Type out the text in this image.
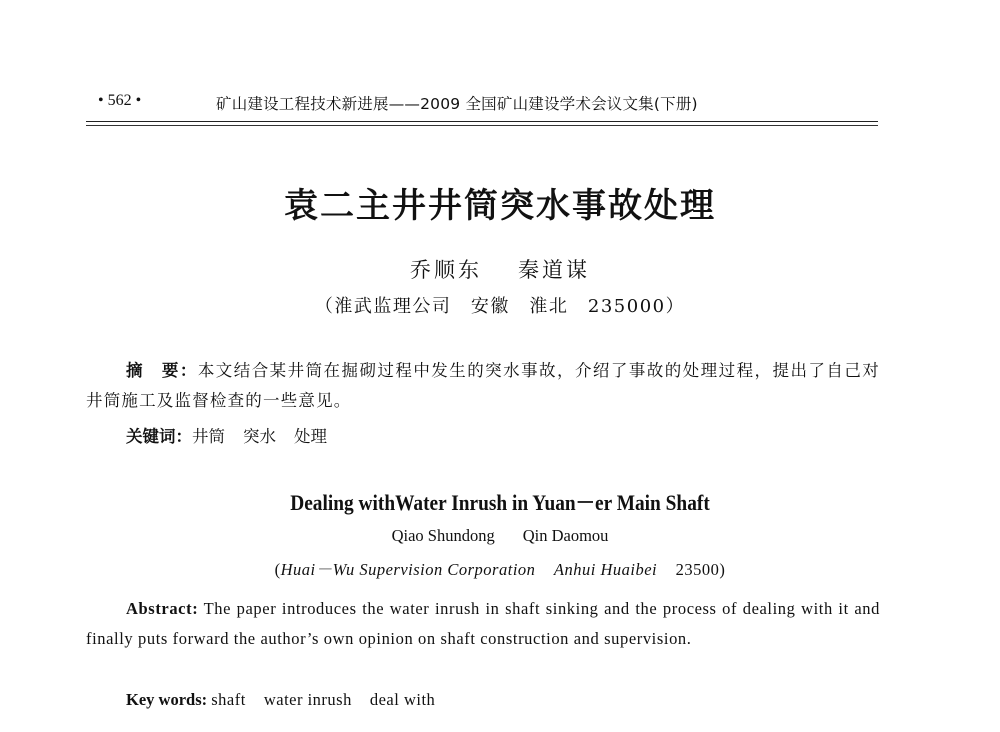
• 562 •	矿山建设工程技术新进展——2009 全国矿山建设学术会议文集(下册)
袁二主井井筒突水事故处理
乔顺东 秦道谋
（淮武监理公司　安徽　淮北　235000）
摘　要：本文结合某井筒在掘砌过程中发生的突水事故，介绍了事故的处理过程，提出了自己对井筒施工及监督检查的一些意见。
关键词：井筒 突水 处理
Dealing withWater Inrush in Yuan－er Main Shaft
Qiao Shundong Qin Daomou
(Huai－Wu Supervision Corporation Anhui Huaibei 23500)
Abstract: The paper introduces the water inrush in shaft sinking and the process of dealing with it and finally puts forward the author’s own opinion on shaft construction and supervision.
Key words: shaft water inrush deal with
